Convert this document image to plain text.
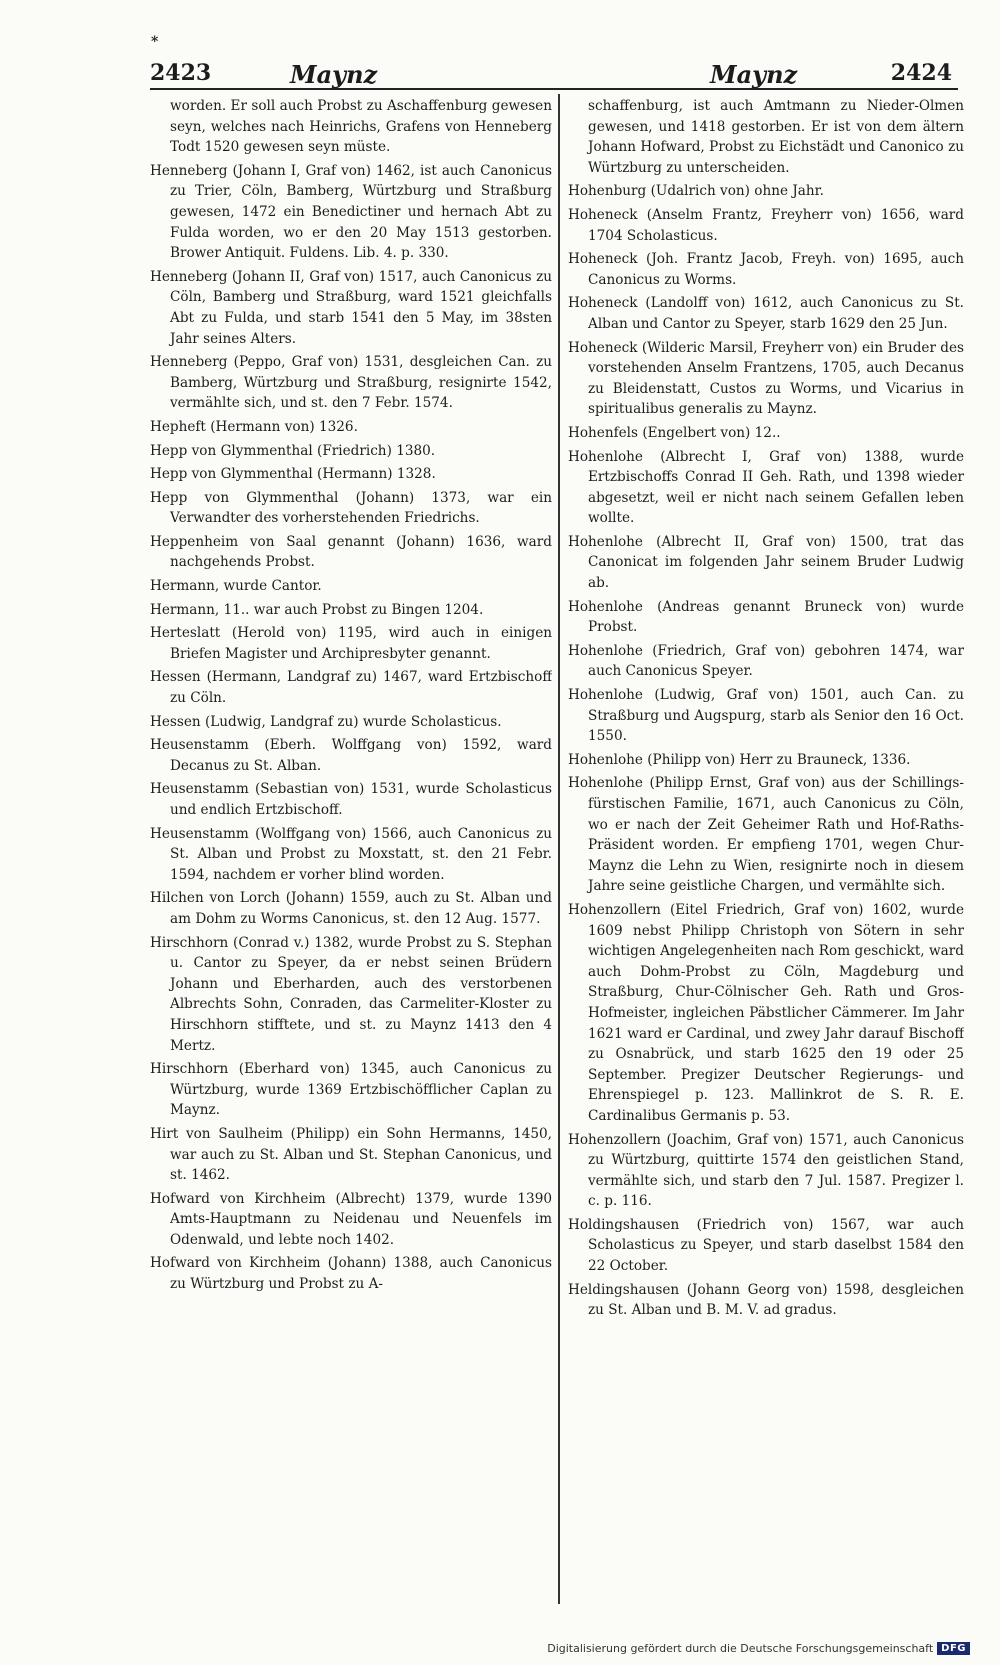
*
2423	Maynz	Maynz	2424

worden. Er soll auch Probst zu Aschaffenburg gewesen seyn, welches nach Heinrichs, Grafens von Henneberg Todt 1520 gewesen seyn müste.

Henneberg (Johann I, Graf von) 1462, ist auch Canonicus zu Trier, Cöln, Bamberg, Würtzburg und Straßburg gewesen, 1472 ein Benedictiner und hernach Abt zu Fulda worden, wo er den 20 May 1513 gestorben. Brower Antiquit. Fuldens. Lib. 4. p. 330.

Henneberg (Johann II, Graf von) 1517, auch Canonicus zu Cöln, Bamberg und Straßburg, ward 1521 gleichfalls Abt zu Fulda, und starb 1541 den 5 May, im 38sten Jahr seines Alters.

Henneberg (Peppo, Graf von) 1531, desgleichen Can. zu Bamberg, Würtzburg und Straßburg, resignirte 1542, vermählte sich, und st. den 7 Febr. 1574.

Hepheft (Hermann von) 1326.

Hepp von Glymmenthal (Friedrich) 1380.

Hepp von Glymmenthal (Hermann) 1328.

Hepp von Glymmenthal (Johann) 1373, war ein Verwandter des vorherstehenden Friedrichs.

Heppenheim von Saal genannt (Johann) 1636, ward nachgehends Probst.

Hermann, wurde Cantor.

Hermann, 11.. war auch Probst zu Bingen 1204.

Herteslatt (Herold von) 1195, wird auch in einigen Briefen Magister und Archipresbyter genannt.

Hessen (Hermann, Landgraf zu) 1467, ward Ertzbischoff zu Cöln.

Hessen (Ludwig, Landgraf zu) wurde Scholasticus.

Heusenstamm (Eberh. Wolffgang von) 1592, ward Decanus zu St. Alban.

Heusenstamm (Sebastian von) 1531, wurde Scholasticus und endlich Ertzbischoff.

Heusenstamm (Wolffgang von) 1566, auch Canonicus zu St. Alban und Probst zu Moxstatt, st. den 21 Febr. 1594, nachdem er vorher blind worden.

Hilchen von Lorch (Johann) 1559, auch zu St. Alban und am Dohm zu Worms Canonicus, st. den 12 Aug. 1577.

Hirschhorn (Conrad v.) 1382, wurde Probst zu S. Stephan u. Cantor zu Speyer, da er nebst seinen Brüdern Johann und Eberharden, auch des verstorbenen Albrechts Sohn, Conraden, das Carmeliter-Kloster zu Hirschhorn stifftete, und st. zu Maynz 1413 den 4 Mertz.

Hirschhorn (Eberhard von) 1345, auch Canonicus zu Würtzburg, wurde 1369 Ertzbischöfflicher Caplan zu Maynz.

Hirt von Saulheim (Philipp) ein Sohn Hermanns, 1450, war auch zu St. Alban und St. Stephan Canonicus, und st. 1462.

Hofward von Kirchheim (Albrecht) 1379, wurde 1390 Amts-Hauptmann zu Neidenau und Neuenfels im Odenwald, und lebte noch 1402.

Hofward von Kirchheim (Johann) 1388, auch Canonicus zu Würtzburg und Probst zu A-

schaffenburg, ist auch Amtmann zu Nieder-Olmen gewesen, und 1418 gestorben. Er ist von dem ältern Johann Hofward, Probst zu Eichstädt und Canonico zu Würtzburg zu unterscheiden.

Hohenburg (Udalrich von) ohne Jahr.

Hoheneck (Anselm Frantz, Freyherr von) 1656, ward 1704 Scholasticus.

Hoheneck (Joh. Frantz Jacob, Freyh. von) 1695, auch Canonicus zu Worms.

Hoheneck (Landolff von) 1612, auch Canonicus zu St. Alban und Cantor zu Speyer, starb 1629 den 25 Jun.

Hoheneck (Wilderic Marsil, Freyherr von) ein Bruder des vorstehenden Anselm Frantzens, 1705, auch Decanus zu Bleidenstatt, Custos zu Worms, und Vicarius in spiritualibus generalis zu Maynz.

Hohenfels (Engelbert von) 12..

Hohenlohe (Albrecht I, Graf von) 1388, wurde Ertzbischoffs Conrad II Geh. Rath, und 1398 wieder abgesetzt, weil er nicht nach seinem Gefallen leben wollte.

Hohenlohe (Albrecht II, Graf von) 1500, trat das Canonicat im folgenden Jahr seinem Bruder Ludwig ab.

Hohenlohe (Andreas genannt Bruneck von) wurde Probst.

Hohenlohe (Friedrich, Graf von) gebohren 1474, war auch Canonicus Speyer.

Hohenlohe (Ludwig, Graf von) 1501, auch Can. zu Straßburg und Augspurg, starb als Senior den 16 Oct. 1550.

Hohenlohe (Philipp von) Herr zu Brauneck, 1336.

Hohenlohe (Philipp Ernst, Graf von) aus der Schillings-fürstischen Familie, 1671, auch Canonicus zu Cöln, wo er nach der Zeit Geheimer Rath und Hof-Raths-Präsident worden. Er empfieng 1701, wegen Chur-Maynz die Lehn zu Wien, resignirte noch in diesem Jahre seine geistliche Chargen, und vermählte sich.

Hohenzollern (Eitel Friedrich, Graf von) 1602, wurde 1609 nebst Philipp Christoph von Sötern in sehr wichtigen Angelegenheiten nach Rom geschickt, ward auch Dohm-Probst zu Cöln, Magdeburg und Straßburg, Chur-Cölnischer Geh. Rath und Gros-Hofmeister, ingleichen Päbstlicher Cämmerer. Im Jahr 1621 ward er Cardinal, und zwey Jahr darauf Bischoff zu Osnabrück, und starb 1625 den 19 oder 25 September. Pregizer Deutscher Regierungs- und Ehrenspiegel p. 123. Mallinkrot de S. R. E. Cardinalibus Germanis p. 53.

Hohenzollern (Joachim, Graf von) 1571, auch Canonicus zu Würtzburg, quittirte 1574 den geistlichen Stand, vermählte sich, und starb den 7 Jul. 1587. Pregizer l. c. p. 116.

Holdingshausen (Friedrich von) 1567, war auch Scholasticus zu Speyer, und starb daselbst 1584 den 22 October.

Heldingshausen (Johann Georg von) 1598, desgleichen zu St. Alban und B. M. V. ad gradus.

Digitalisierung gefördert durch die Deutsche Forschungsgemeinschaft DFG
